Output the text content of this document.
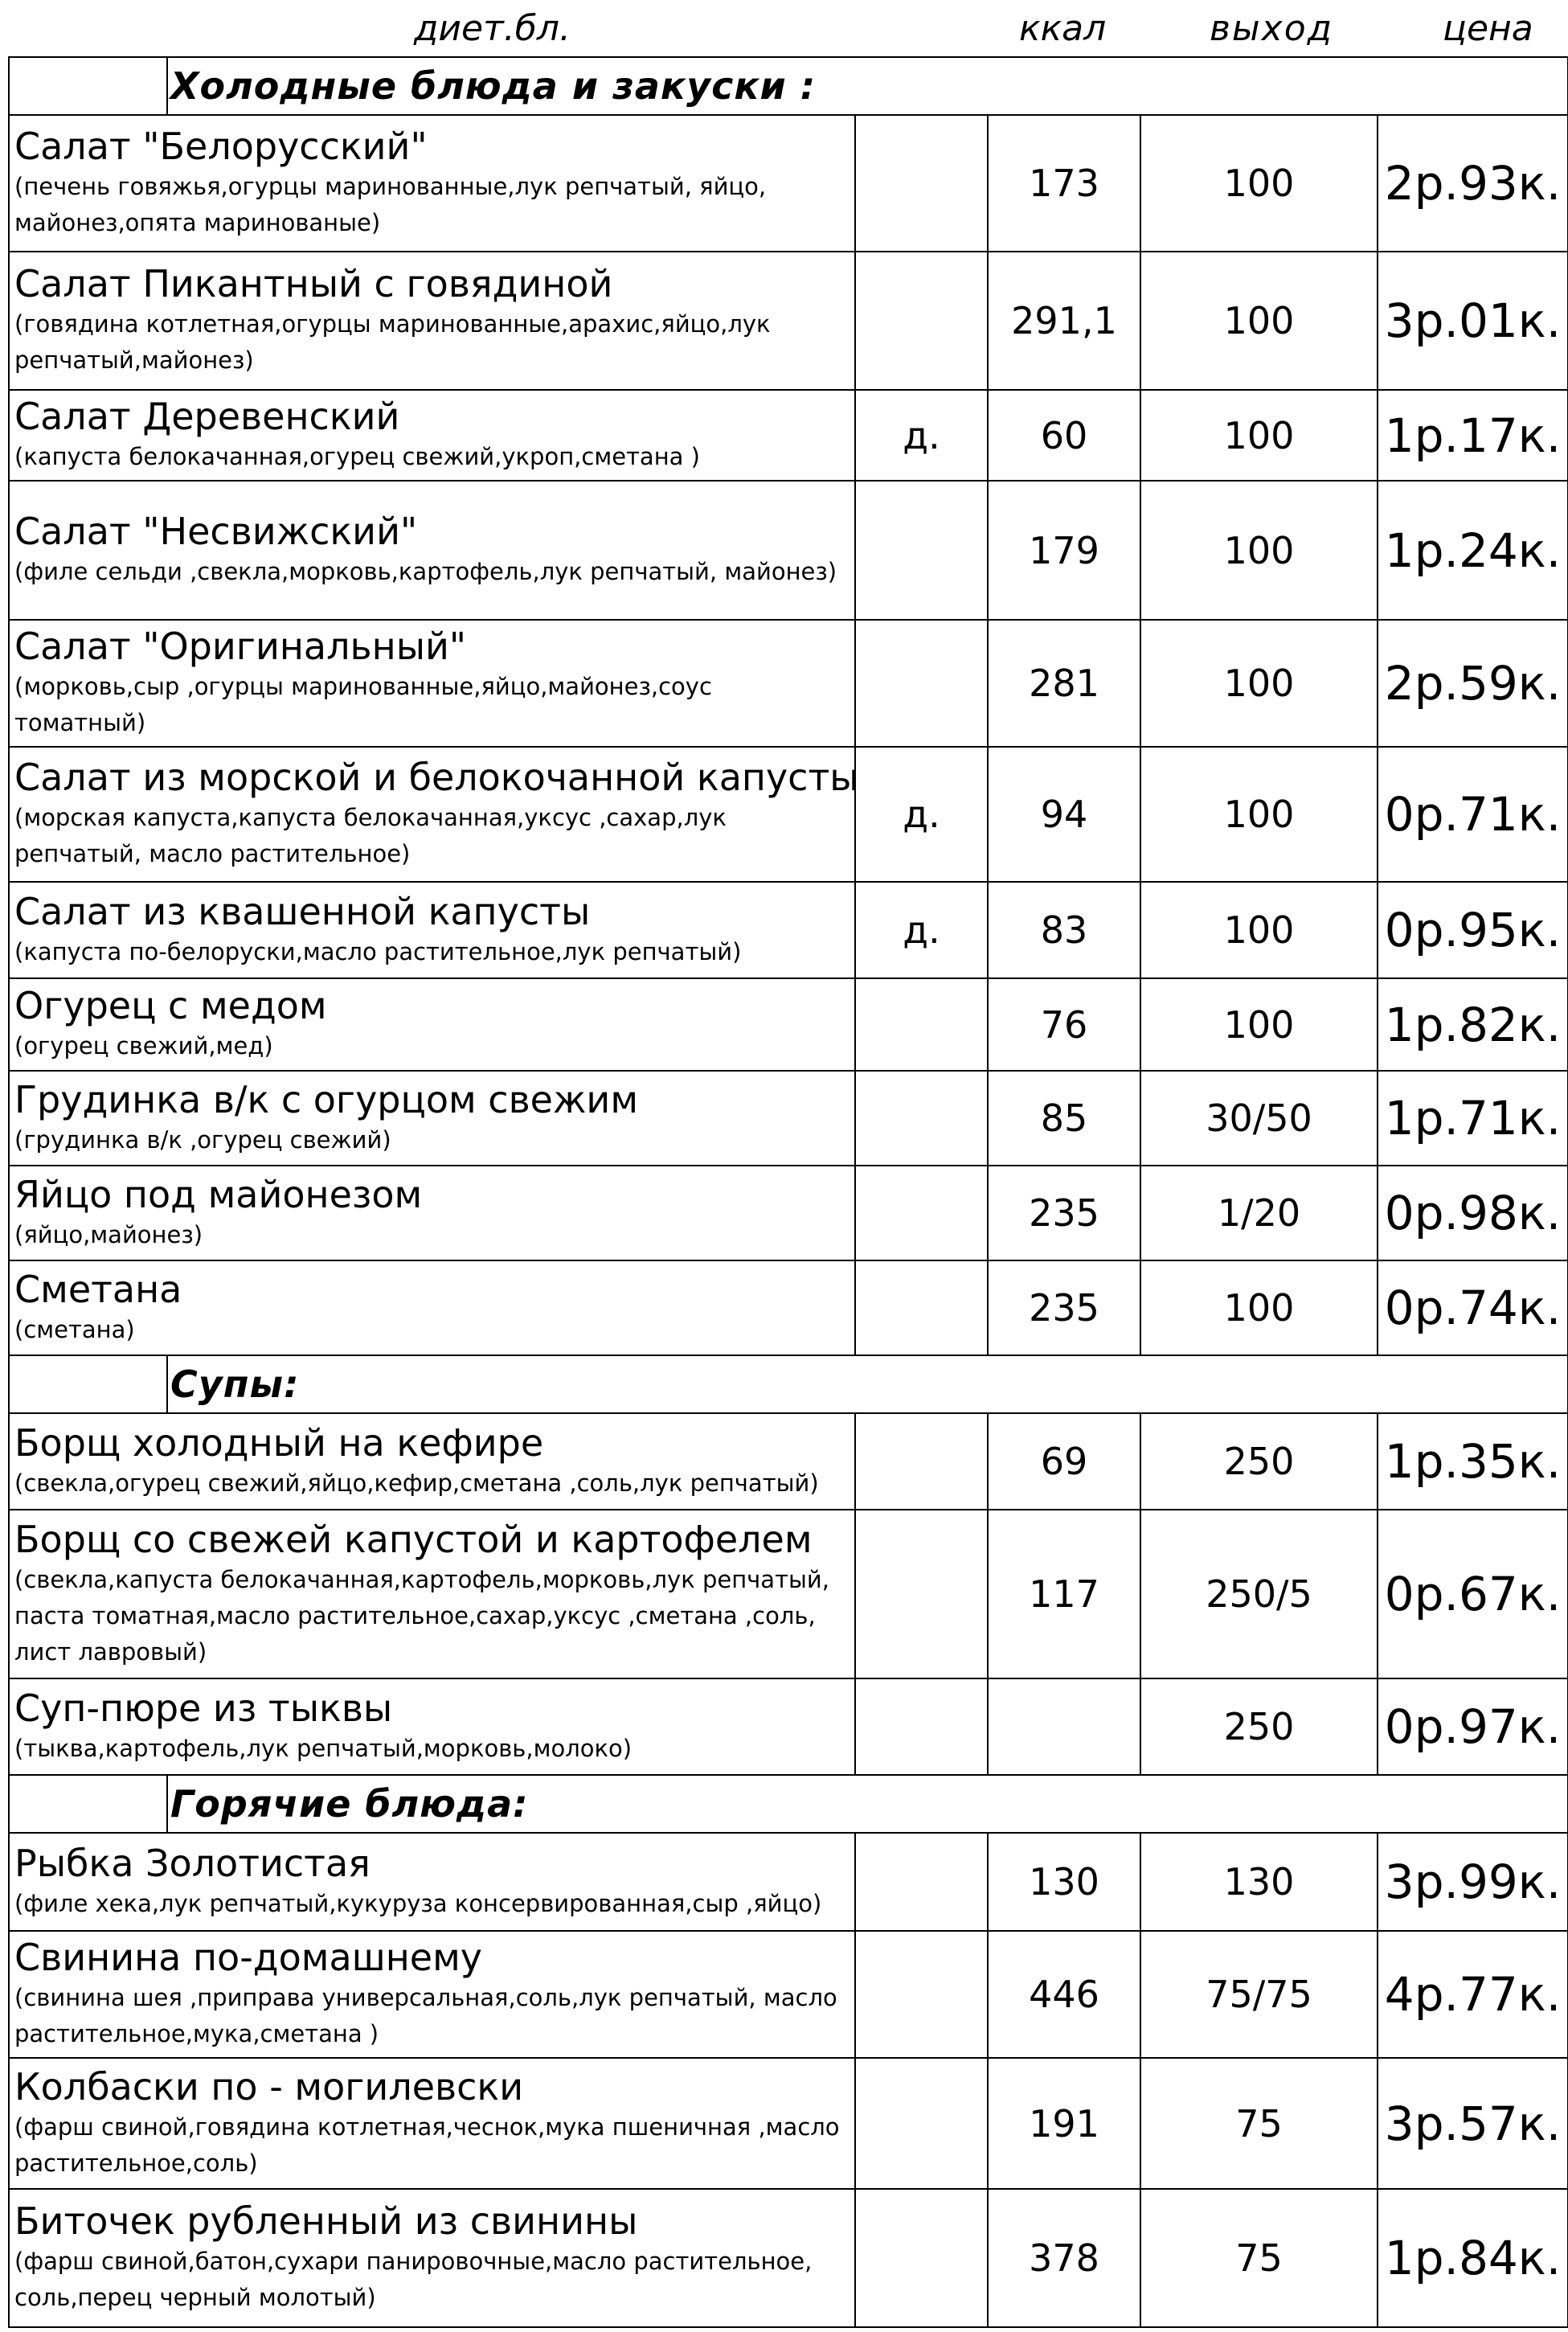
диет.бл.	ккал	выход	цена
Холодные блюда и закуски :				

Салат "Белорусский"
(печень говяжья,огурцы маринованные,лук репчатый, яйцо, майонез,опята маринованые)		173	100	2р.93к.

Салат Пикантный с говядиной
(говядина котлетная,огурцы маринованные,арахис,яйцо,лук репчатый,майонез)		291,1	100	3р.01к.

Салат Деревенский
(капуста белокачанная,огурец свежий,укроп,сметана )	д.	60	100	1р.17к.

Салат "Несвижский"
(филе сельди ,свекла,морковь,картофель,лук репчатый, майонез)		179	100	1р.24к.

Салат "Оригинальный"
(морковь,сыр ,огурцы маринованные,яйцо,майонез,соус томатный)		281	100	2р.59к.

Салат из морской и белокочанной капусты
(морская капуста,капуста белокачанная,уксус ,сахар,лук репчатый, масло растительное)	д.	94	100	0р.71к.

Салат из квашенной капусты
(капуста по-белоруски,масло растительное,лук репчатый)	д.	83	100	0р.95к.

Огурец с медом
(огурец свежий,мед)		76	100	1р.82к.

Грудинка в/к с огурцом свежим
(грудинка в/к ,огурец свежий)		85	30/50	1р.71к.

Яйцо под майонезом
(яйцо,майонез)		235	1/20	0р.98к.

Сметана
(сметана)		235	100	0р.74к.

Супы:				

Борщ холодный на кефире
(свекла,огурец свежий,яйцо,кефир,сметана ,соль,лук репчатый)		69	250	1р.35к.

Борщ со свежей капустой и картофелем
(свекла,капуста белокачанная,картофель,морковь,лук репчатый, паста томатная,масло растительное,сахар,уксус ,сметана ,соль, лист лавровый)		117	250/5	0р.67к.

Суп-пюре из тыквы
(тыква,картофель,лук репчатый,морковь,молоко)			250	0р.97к.

Горячие блюда:				

Рыбка Золотистая
(филе хека,лук репчатый,кукуруза консервированная,сыр ,яйцо)		130	130	3р.99к.

Свинина по-домашнему
(свинина шея ,приправа универсальная,соль,лук репчатый, масло растительное,мука,сметана )		446	75/75	4р.77к.

Колбаски по - могилевски
(фарш свиной,говядина котлетная,чеснок,мука пшеничная ,масло растительное,соль)		191	75	3р.57к.

Биточек рубленный из свинины
(фарш свиной,батон,сухари панировочные,масло растительное, соль,перец черный молотый)		378	75	1р.84к.
